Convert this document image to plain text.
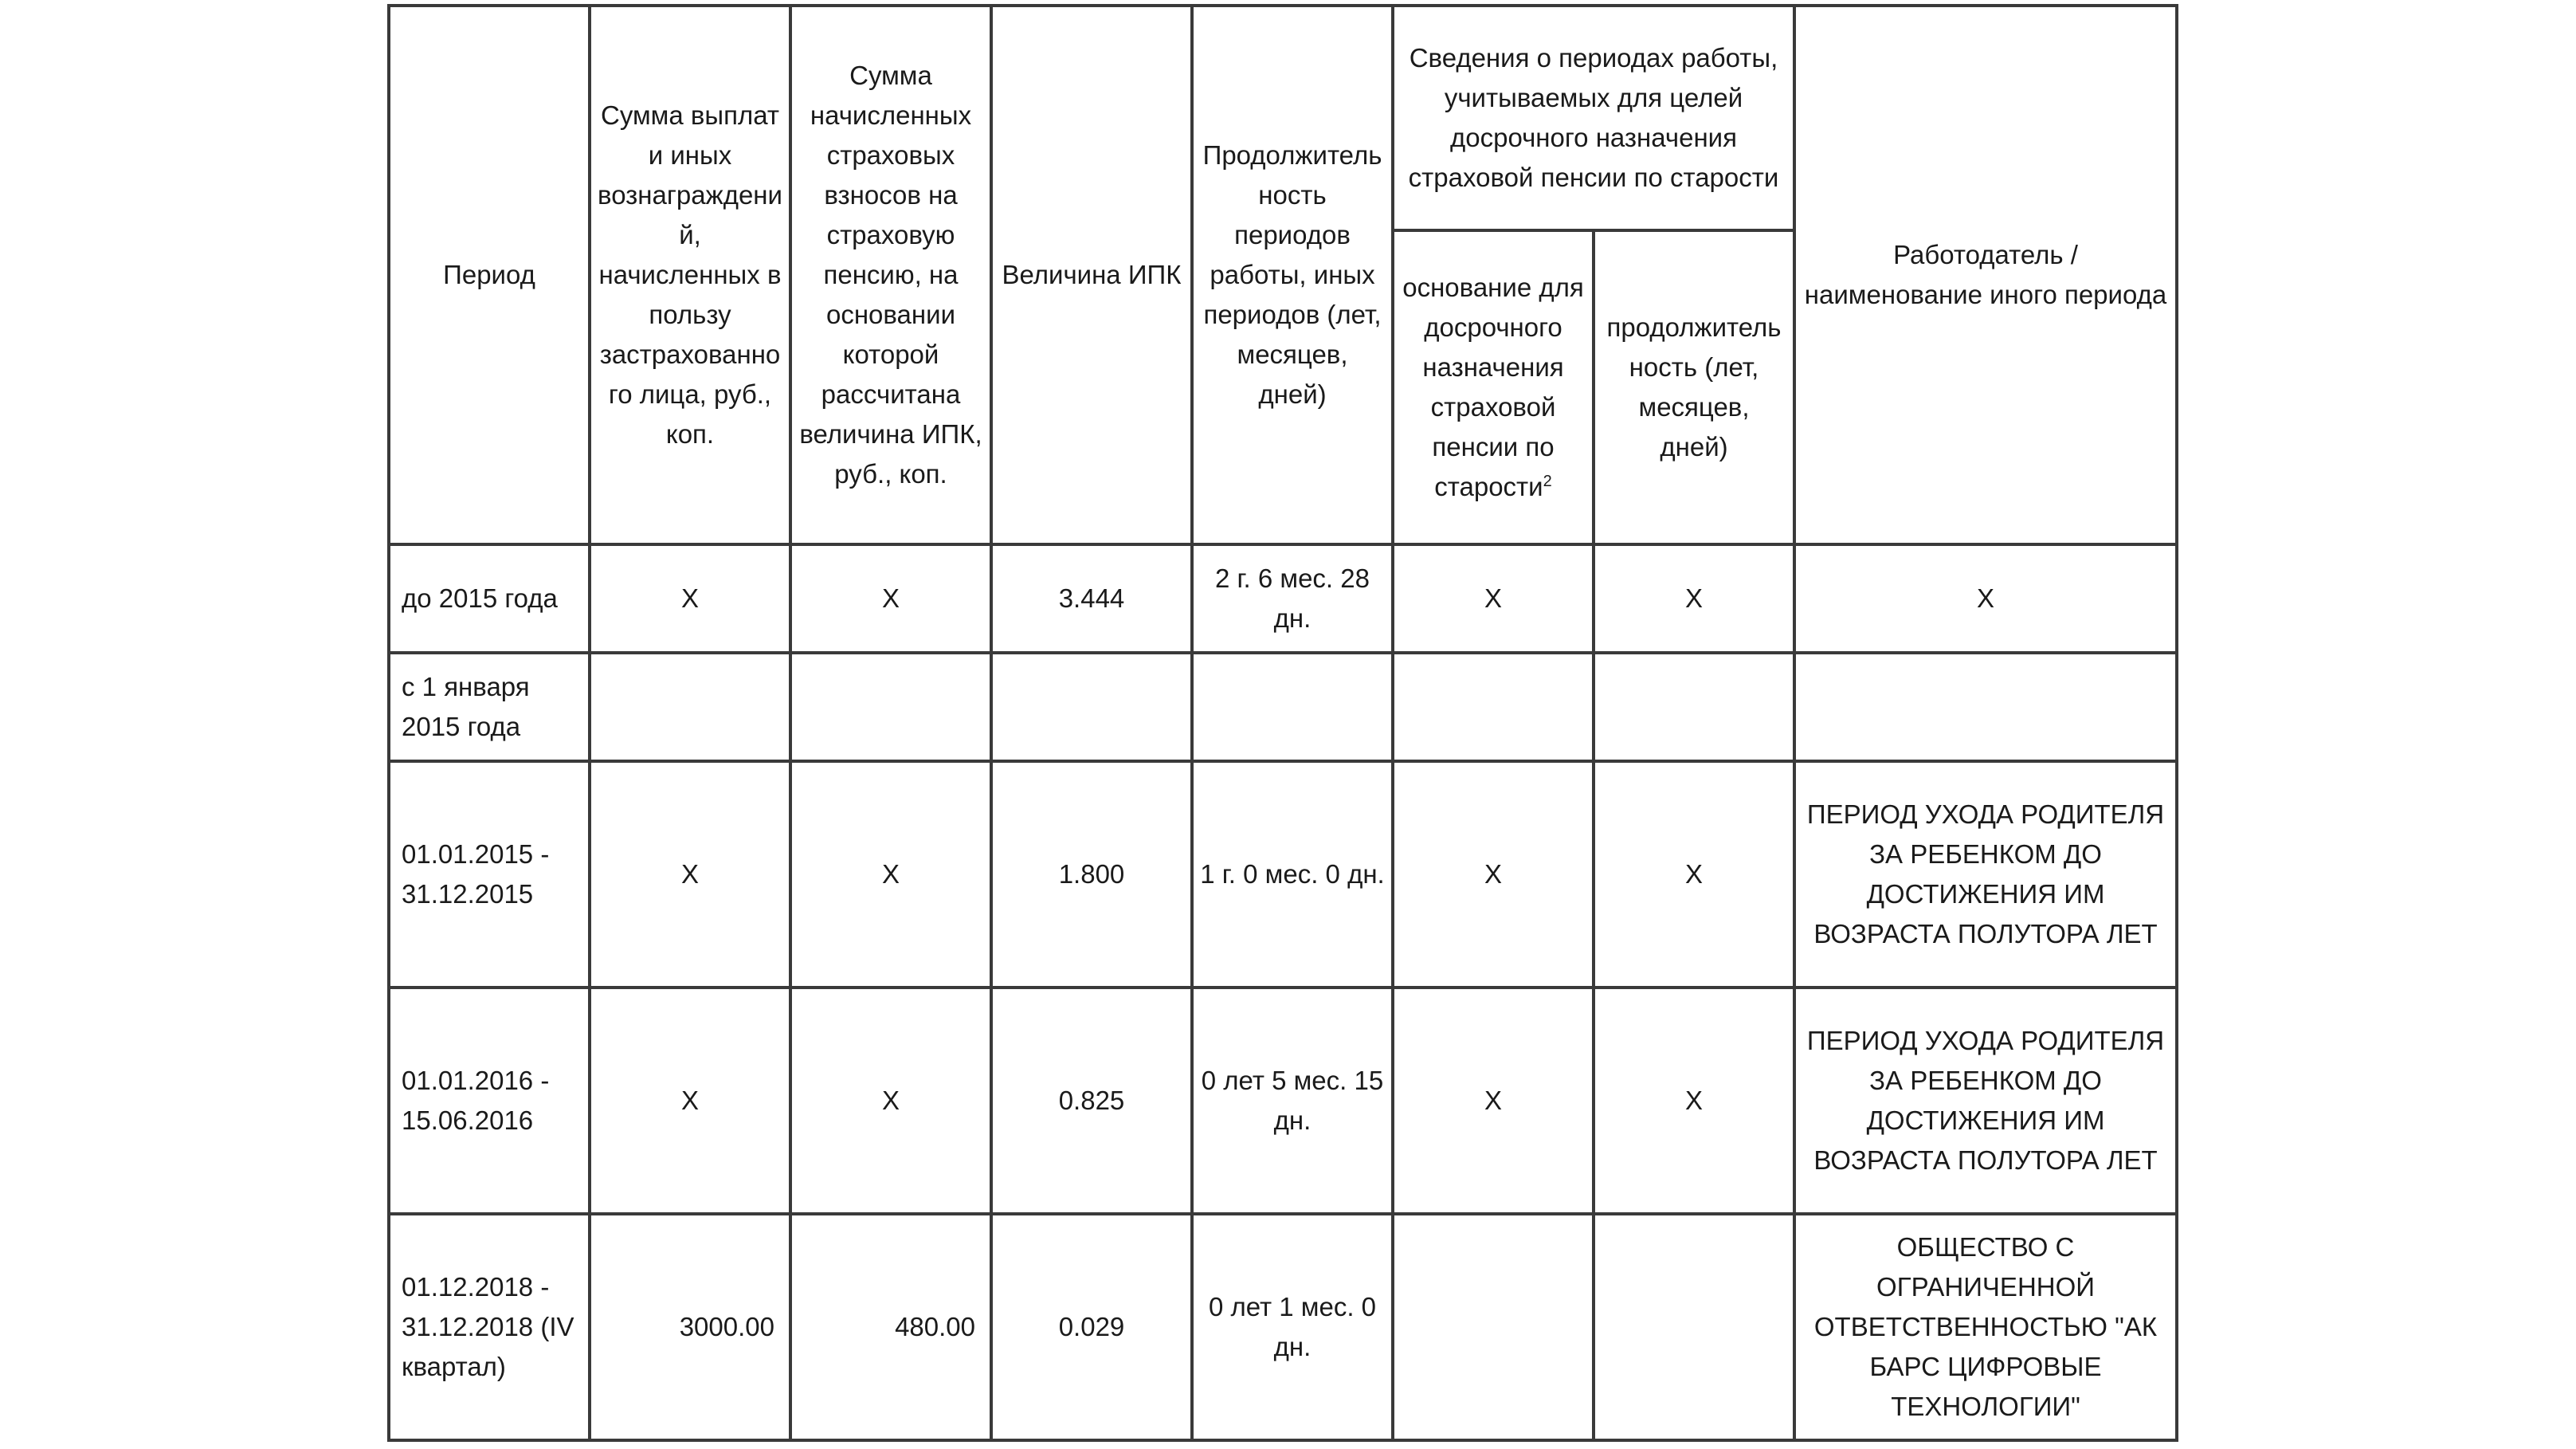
Период	Сумма выплат и иных вознаграждений, начисленных в пользу застрахованного лица, руб., коп.	Сумма начисленных страховых взносов на страховую пенсию, на основании которой рассчитана величина ИПК, руб., коп.	Величина ИПК	Продолжительность периодов работы, иных периодов (лет, месяцев, дней)	Сведения о периодах работы, учитываемых для целей досрочного назначения страховой пенсии по старости		Работодатель / наименование иного периода
					основание для досрочного назначения страховой пенсии по старости$^2$	продолжительность (лет, месяцев, дней)	
до 2015 года	X	X	3.444	2 г. 6 мес. 28 дн.	X	X	X
с 1 января 2015 года							
01.01.2015 - 31.12.2015	X	X	1.800	1 г. 0 мес. 0 дн.	X	X	ПЕРИОД УХОДА РОДИТЕЛЯ ЗА РЕБЕНКОМ ДО ДОСТИЖЕНИЯ ИМ ВОЗРАСТА ПОЛУТОРА ЛЕТ
01.01.2016 - 15.06.2016	X	X	0.825	0 лет 5 мес. 15 дн.	X	X	ПЕРИОД УХОДА РОДИТЕЛЯ ЗА РЕБЕНКОМ ДО ДОСТИЖЕНИЯ ИМ ВОЗРАСТА ПОЛУТОРА ЛЕТ
01.12.2018 - 31.12.2018 (IV квартал)	3000.00	480.00	0.029	0 лет 1 мес. 0 дн.			ОБЩЕСТВО С ОГРАНИЧЕННОЙ ОТВЕТСТВЕННОСТЬЮ "АК БАРС ЦИФРОВЫЕ ТЕХНОЛОГИИ"
